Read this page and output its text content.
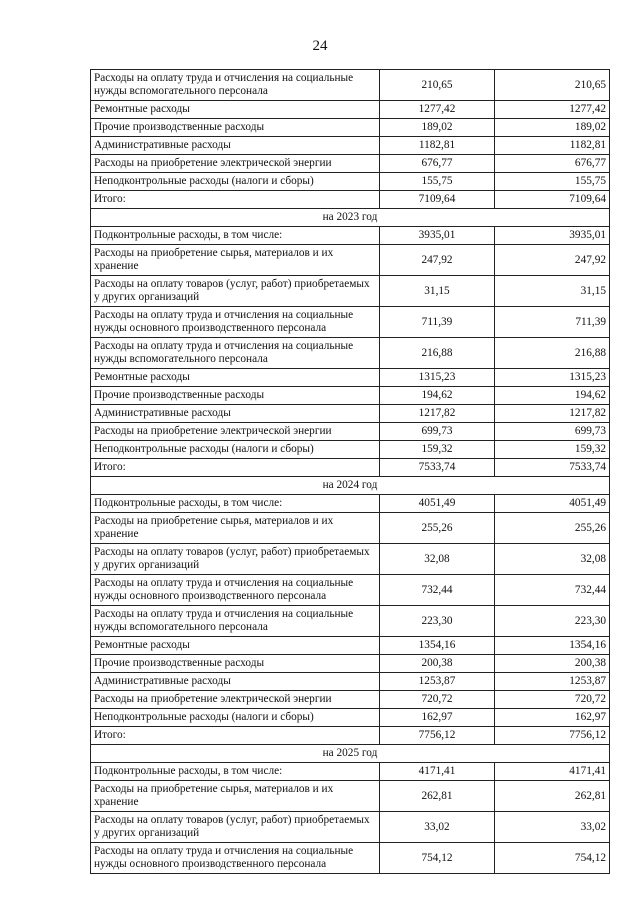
24
Расходы на оплату труда и отчисления на социальные нужды вспомогательного персонала	210,65	210,65
Ремонтные расходы	1277,42	1277,42
Прочие производственные расходы	189,02	189,02
Административные расходы	1182,81	1182,81
Расходы на приобретение электрической энергии	676,77	676,77
Неподконтрольные расходы (налоги и сборы)	155,75	155,75
Итого:	7109,64	7109,64
на 2023 год		
Подконтрольные расходы, в том числе:	3935,01	3935,01
Расходы на приобретение сырья, материалов и их хранение	247,92	247,92
Расходы на оплату товаров (услуг, работ) приобретаемых у других организаций	31,15	31,15
Расходы на оплату труда и отчисления на социальные нужды основного производственного персонала	711,39	711,39
Расходы на оплату труда и отчисления на социальные нужды вспомогательного персонала	216,88	216,88
Ремонтные расходы	1315,23	1315,23
Прочие производственные расходы	194,62	194,62
Административные расходы	1217,82	1217,82
Расходы на приобретение электрической энергии	699,73	699,73
Неподконтрольные расходы (налоги и сборы)	159,32	159,32
Итого:	7533,74	7533,74
на 2024 год		
Подконтрольные расходы, в том числе:	4051,49	4051,49
Расходы на приобретение сырья, материалов и их хранение	255,26	255,26
Расходы на оплату товаров (услуг, работ) приобретаемых у других организаций	32,08	32,08
Расходы на оплату труда и отчисления на социальные нужды основного производственного персонала	732,44	732,44
Расходы на оплату труда и отчисления на социальные нужды вспомогательного персонала	223,30	223,30
Ремонтные расходы	1354,16	1354,16
Прочие производственные расходы	200,38	200,38
Административные расходы	1253,87	1253,87
Расходы на приобретение электрической энергии	720,72	720,72
Неподконтрольные расходы (налоги и сборы)	162,97	162,97
Итого:	7756,12	7756,12
на 2025 год		
Подконтрольные расходы, в том числе:	4171,41	4171,41
Расходы на приобретение сырья, материалов и их хранение	262,81	262,81
Расходы на оплату товаров (услуг, работ) приобретаемых у других организаций	33,02	33,02
Расходы на оплату труда и отчисления на социальные нужды основного производственного персонала	754,12	754,12
